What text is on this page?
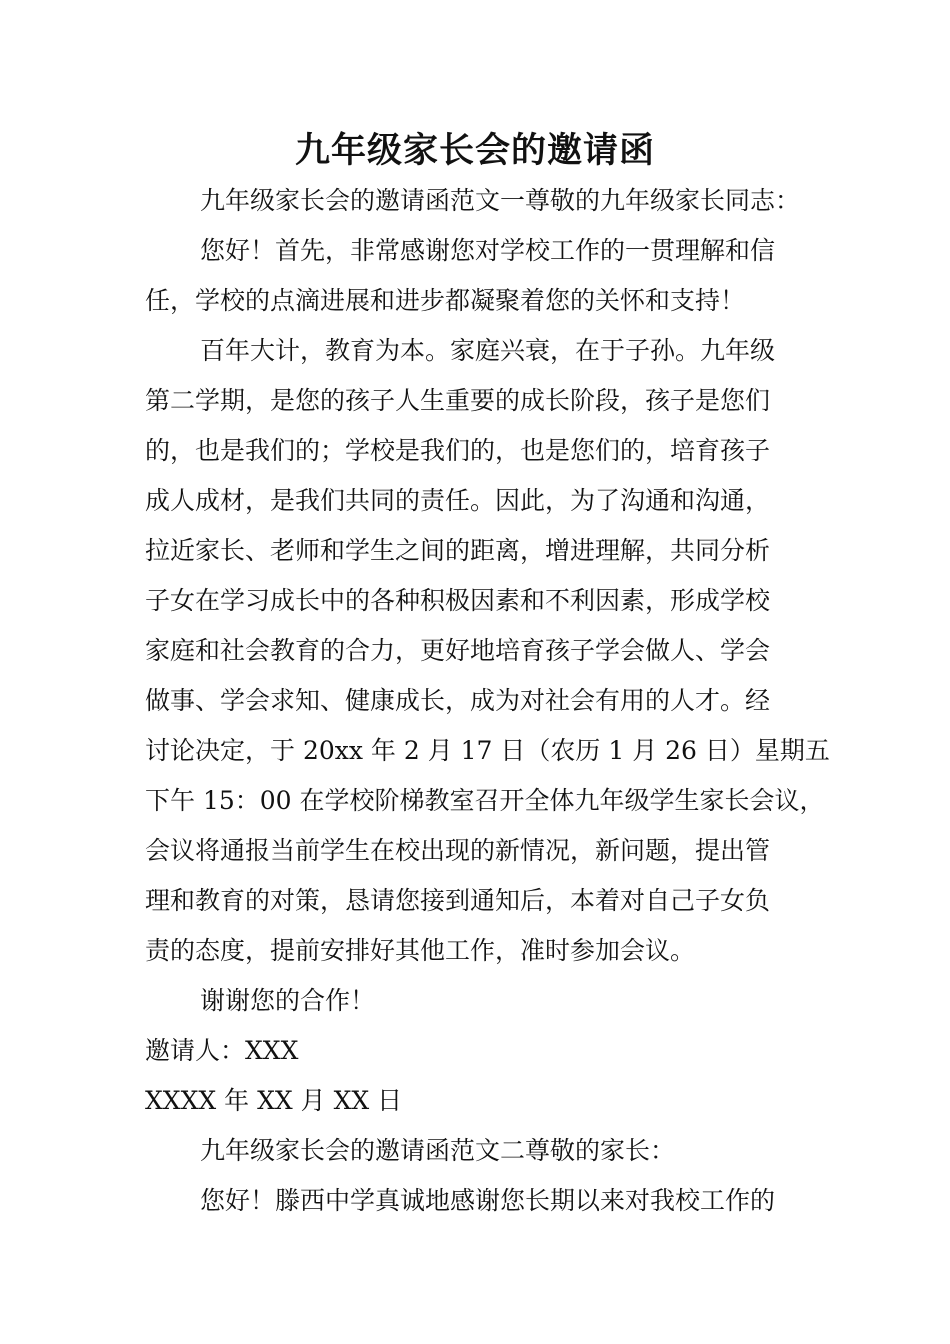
九年级家长会的邀请函

九年级家长会的邀请函范文一尊敬的九年级家长同志：

您好！首先，非常感谢您对学校工作的一贯理解和信
任，学校的点滴进展和进步都凝聚着您的关怀和支持！

百年大计，教育为本。家庭兴衰，在于子孙。九年级
第二学期，是您的孩子人生重要的成长阶段，孩子是您们
的，也是我们的；学校是我们的，也是您们的，培育孩子
成人成材，是我们共同的责任。因此，为了沟通和沟通，
拉近家长、老师和学生之间的距离，增进理解，共同分析
子女在学习成长中的各种积极因素和不利因素，形成学校
家庭和社会教育的合力，更好地培育孩子学会做人、学会
做事、学会求知、健康成长，成为对社会有用的人才。经
讨论决定，于 20xx 年 2 月 17 日（农历 1 月 26 日）星期五
下午 15：00 在学校阶梯教室召开全体九年级学生家长会议，
会议将通报当前学生在校出现的新情况，新问题，提出管
理和教育的对策，恳请您接到通知后，本着对自己子女负
责的态度，提前安排好其他工作，准时参加会议。

谢谢您的合作！

邀请人：XXX

XXXX 年 XX 月 XX 日

九年级家长会的邀请函范文二尊敬的家长：

您好！滕西中学真诚地感谢您长期以来对我校工作的
